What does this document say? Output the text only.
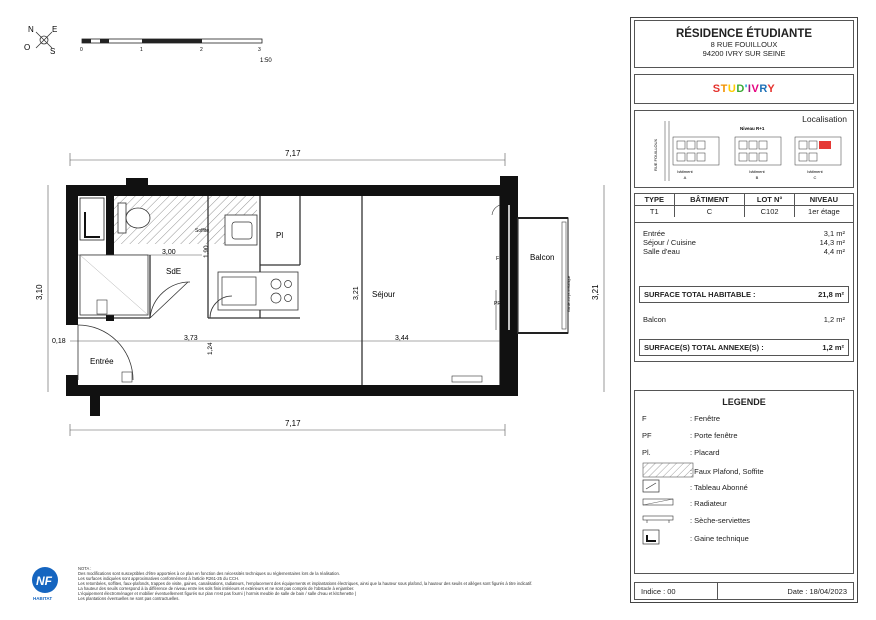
N E
S
O	0	1	2	3
1:50
7,17
7,17
3,10	3,21
3,00
3,73	3,44
1,90
1,24
3,21
0,18
SdE
Entrée
Séjour
Balcon
Pl
Soffite
F
PF	Garde-corps métallique
NF
HABITAT
NOTA :
Des modifications sont susceptibles d'être apportées à ce plan en fonction des nécessités techniques ou réglementaires lors de la réalisation.
Les surfaces indiquées sont approximatives conformément à l'article R261-25 du CCH.
Les retombées, soffites, faux-plafonds, trappes de visite, gaines, canalisations, radiateurs, l'emplacement des équipements et implantations électriques, ainsi que la hauteur sous plafond, la hauteur des seuils et allèges sont figurés à titre indicatif.
La hauteur des seuils correspond à la différence de niveau entre les sols finis intérieurs et extérieurs et ne sont pas compris de l'obstacle à enjamber.
L'équipement électroménager et mobilier éventuellement figurés sur plan n'est pas fourni ( hormis meuble de salle de bain / salle d'eau et kitchenette )
Les plantations éventuelles ne sont pas contractuelles.
RÉSIDENCE ÉTUDIANTE
8 RUE FOUILLOUX
94200 IVRY SUR SEINE
STUD'IVRY
Localisation
RUE FOUILLOUX
Niveau R+1
bâtiment
A
bâtiment
B
bâtiment
C
TYPE	BÂTIMENT	LOT N°	NIVEAU
T1	C	C102	1er étage
Entrée	3,1 m²
Séjour / Cuisine	14,3 m²
Salle d'eau	4,4 m²
SURFACE TOTAL HABITABLE :	21,8 m²
Balcon	1,2 m²
SURFACE(S) TOTAL ANNEXE(S) :	1,2 m²
LEGENDE
F	: Fenêtre
PF	: Porte fenêtre
Pl.	: Placard
: Faux Plafond, Soffite
: Tableau Abonné
: Radiateur
: Sèche-serviettes
: Gaine technique
Indice : 00	Date : 18/04/2023
